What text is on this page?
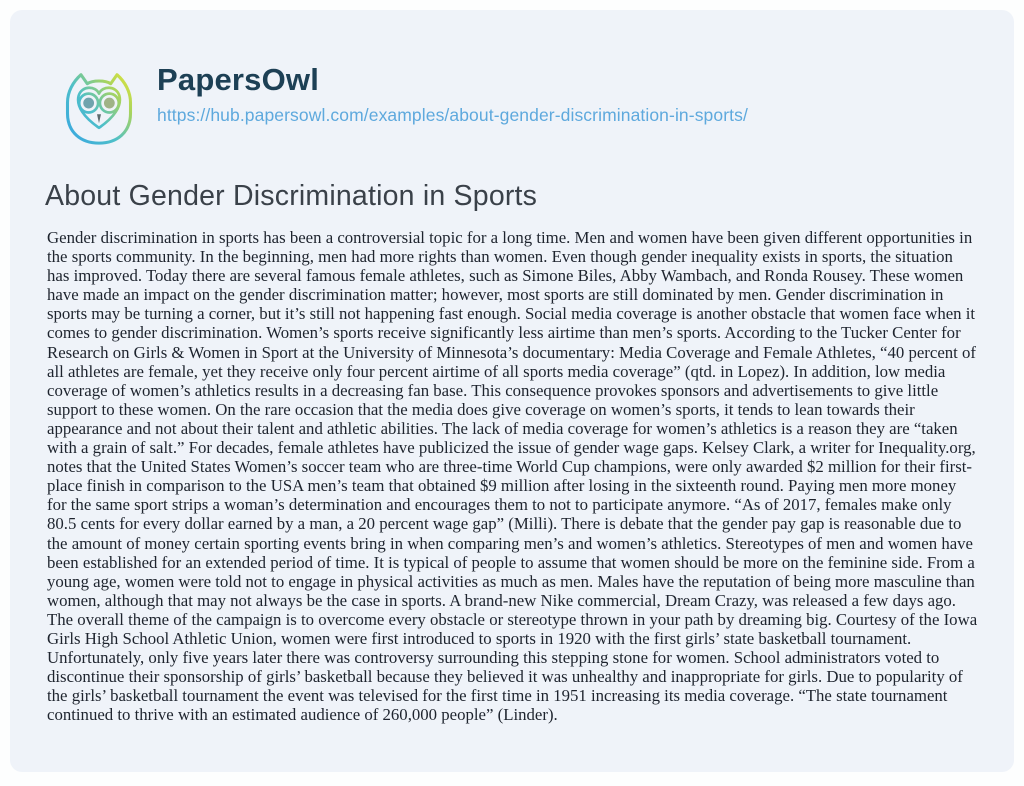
PapersOwl
https://hub.papersowl.com/examples/about-gender-discrimination-in-sports/
About Gender Discrimination in Sports
Gender discrimination in sports has been a controversial topic for a long time. Men and women have been given different opportunities in the sports community. In the beginning, men had more rights than women. Even though gender inequality exists in sports, the situation has improved. Today there are several famous female athletes, such as Simone Biles, Abby Wambach, and Ronda Rousey. These women have made an impact on the gender discrimination matter; however, most sports are still dominated by men. Gender discrimination in sports may be turning a corner, but it’s still not happening fast enough. Social media coverage is another obstacle that women face when it comes to gender discrimination. Women’s sports receive significantly less airtime than men’s sports. According to the Tucker Center for Research on Girls & Women in Sport at the University of Minnesota’s documentary: Media Coverage and Female Athletes, “40 percent of all athletes are female, yet they receive only four percent airtime of all sports media coverage” (qtd. in Lopez). In addition, low media coverage of women’s athletics results in a decreasing fan base. This consequence provokes sponsors and advertisements to give little support to these women. On the rare occasion that the media does give coverage on women’s sports, it tends to lean towards their appearance and not about their talent and athletic abilities. The lack of media coverage for women’s athletics is a reason they are “taken with a grain of salt.” For decades, female athletes have publicized the issue of gender wage gaps. Kelsey Clark, a writer for Inequality.org, notes that the United States Women’s soccer team who are three-time World Cup champions, were only awarded $2 million for their first-place finish in comparison to the USA men’s team that obtained $9 million after losing in the sixteenth round. Paying men more money for the same sport strips a woman’s determination and encourages them to not to participate anymore. “As of 2017, females make only 80.5 cents for every dollar earned by a man, a 20 percent wage gap” (Milli). There is debate that the gender pay gap is reasonable due to the amount of money certain sporting events bring in when comparing men’s and women’s athletics. Stereotypes of men and women have been established for an extended period of time. It is typical of people to assume that women should be more on the feminine side. From a young age, women were told not to engage in physical activities as much as men. Males have the reputation of being more masculine than women, although that may not always be the case in sports. A brand-new Nike commercial, Dream Crazy, was released a few days ago. The overall theme of the campaign is to overcome every obstacle or stereotype thrown in your path by dreaming big. Courtesy of the Iowa Girls High School Athletic Union, women were first introduced to sports in 1920 with the first girls’ state basketball tournament. Unfortunately, only five years later there was controversy surrounding this stepping stone for women. School administrators voted to discontinue their sponsorship of girls’ basketball because they believed it was unhealthy and inappropriate for girls. Due to popularity of the girls’ basketball tournament the event was televised for the first time in 1951 increasing its media coverage. “The state tournament continued to thrive with an estimated audience of 260,000 people” (Linder).
